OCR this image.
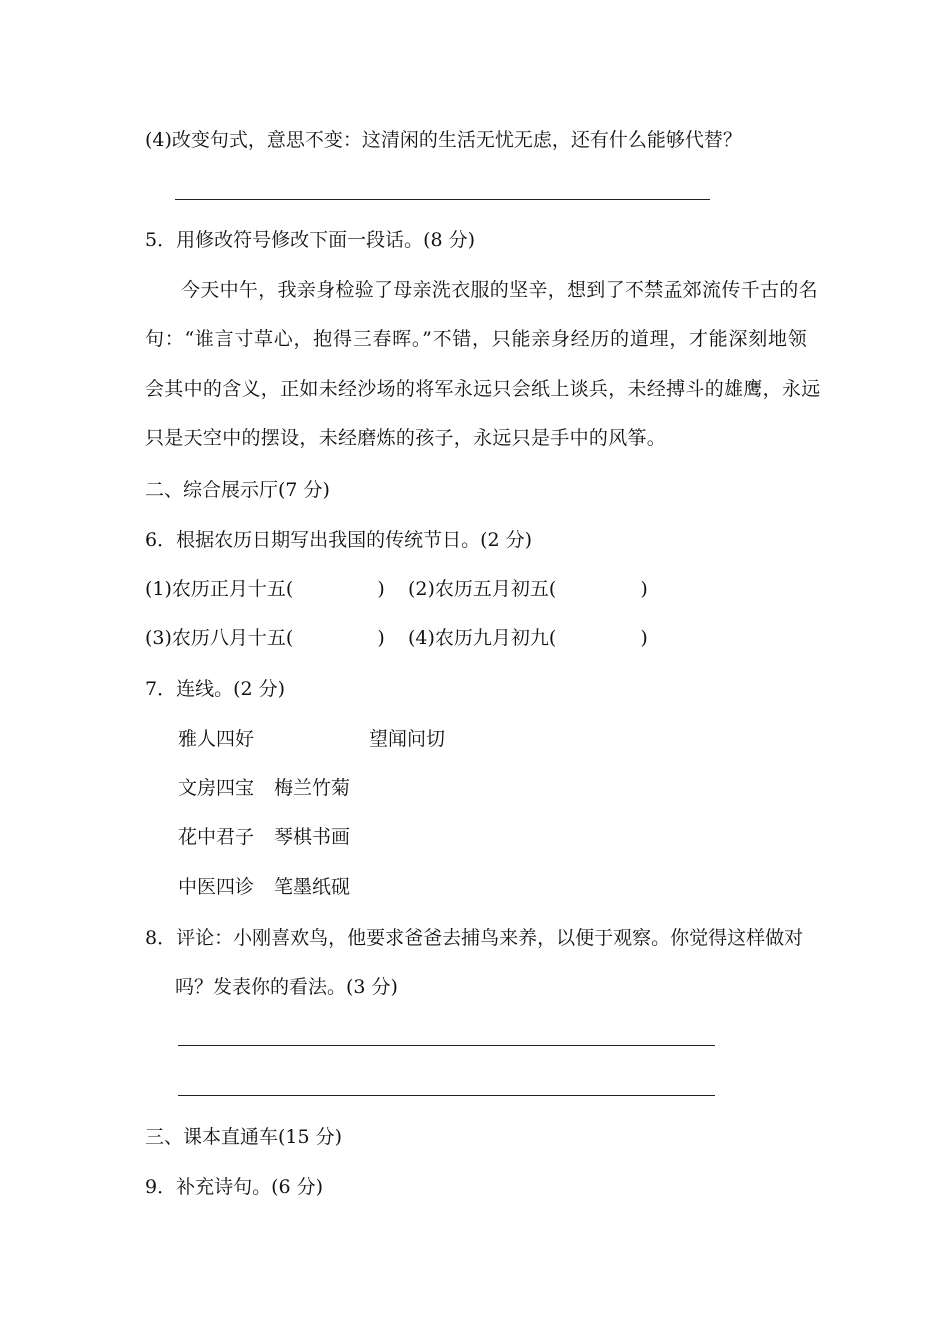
(4)改变句式，意思不变：这清闲的生活无忧无虑，还有什么能够代替？
5．用修改符号修改下面一段话。(8 分)
今天中午，我亲身检验了母亲洗衣服的坚辛，想到了不禁孟郊流传千古的名
句：“谁言寸草心，抱得三春晖。”不错，只能亲身经历的道理，才能深刻地领
会其中的含义，正如未经沙场的将军永远只会纸上谈兵，未经搏斗的雄鹰，永远
只是天空中的摆设，未经磨炼的孩子，永远只是手中的风筝。
二、综合展示厅(7 分)
6．根据农历日期写出我国的传统节日。(2 分)
(1)农历正月十五(	) (2)农历五月初五(	)
(3)农历八月十五(	) (4)农历九月初九(	)
7．连线。(2 分)
雅人四好	望闻问切
文房四宝 梅兰竹菊
花中君子 琴棋书画
中医四诊 笔墨纸砚
8．评论：小刚喜欢鸟，他要求爸爸去捕鸟来养，以便于观察。你觉得这样做对
吗？发表你的看法。(3 分)
三、课本直通车(15 分)
9．补充诗句。(6 分)
